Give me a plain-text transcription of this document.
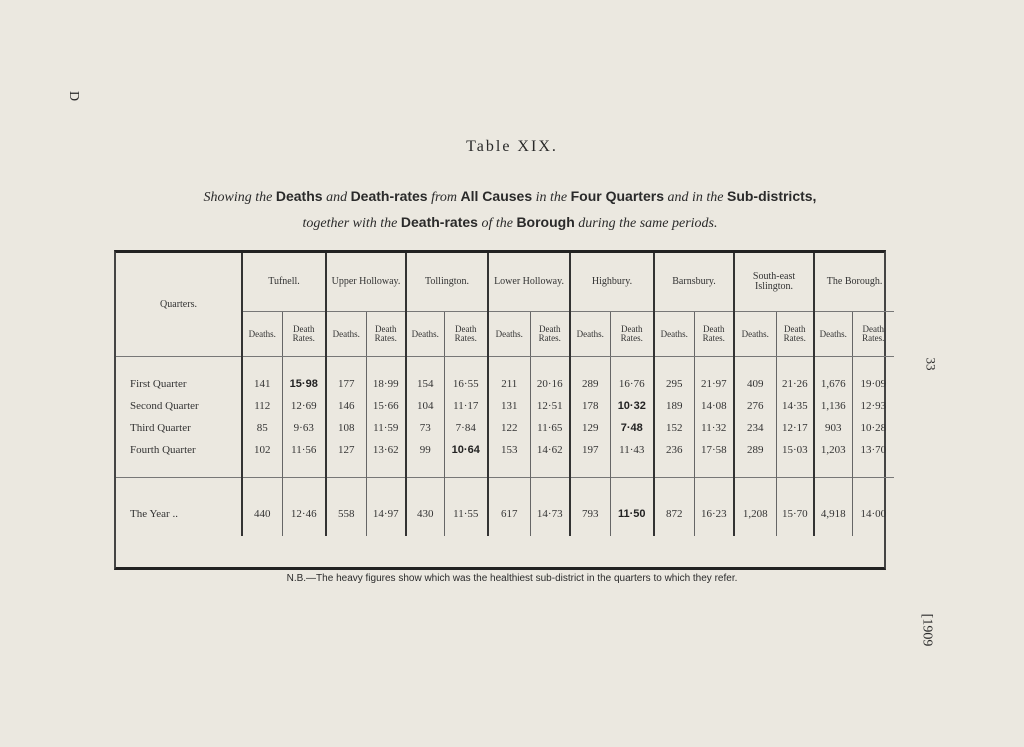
D
33
[1909
Table XIX.
Showing the Deaths and Death-rates from All Causes in the Four Quarters and in the Sub-districts,
together with the Death-rates of the Borough during the same periods.
Quarters.	Tufnell.		Upper Holloway.		Tollington.		Lower Holloway.		Highbury.		Barnsbury.		South-east Islington.		The Borough.	
	Deaths.	Death Rates.	Deaths.	Death Rates.	Deaths.	Death Rates.	Deaths.	Death Rates.	Deaths.	Death Rates.	Deaths.	Death Rates.	Deaths.	Death Rates.	Deaths.	Death Rates.

First Quarter	141	15·98	177	18·99	154	16·55	211	20·16	289	16·76	295	21·97	409	21·26	1,676	19·09
Second Quarter	112	12·69	146	15·66	104	11·17	131	12·51	178	10·32	189	14·08	276	14·35	1,136	12·93
Third Quarter	85	9·63	108	11·59	73	7·84	122	11·65	129	7·48	152	11·32	234	12·17	903	10·28
Fourth Quarter	102	11·56	127	13·62	99	10·64	153	14·62	197	11·43	236	17·58	289	15·03	1,203	13·70

The Year ..	440	12·46	558	14·97	430	11·55	617	14·73	793	11·50	872	16·23	1,208	15·70	4,918	14·00
N.B.—The heavy figures show which was the healthiest sub-district in the quarters to which they refer.
